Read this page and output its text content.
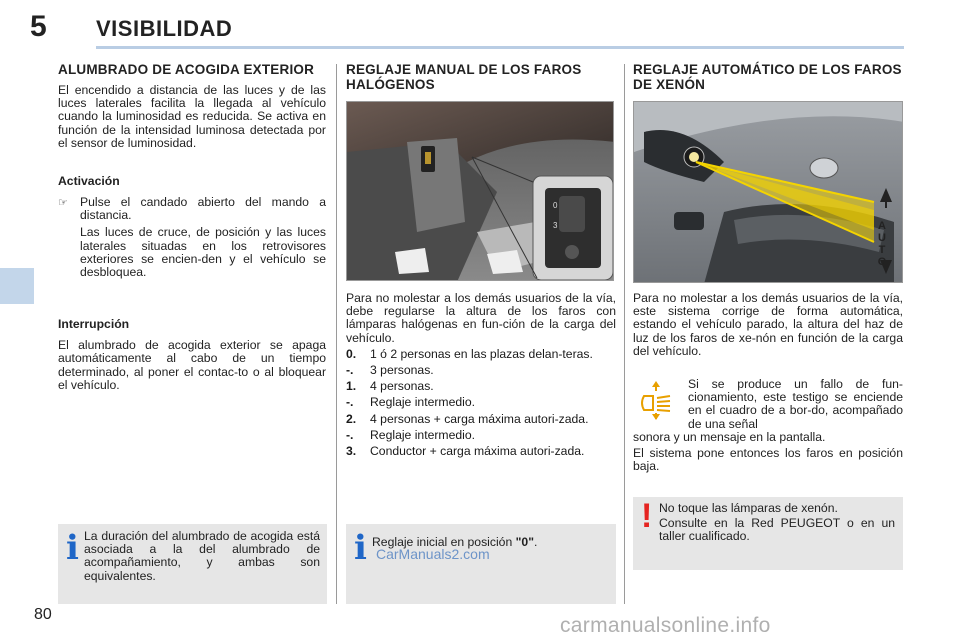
5 VISIBILIDAD
ALUMBRADO DE ACOGIDA EXTERIOR

El encendido a distancia de las luces y de las luces laterales facilita la llegada al vehículo cuando la luminosidad es reducida. Se activa en función de la intensidad luminosa detectada por el sensor de luminosidad.

Activación
☞ Pulse el candado abierto del mando a distancia.

Las luces de cruce, de posición y las luces laterales situadas en los retrovisores exteriores se encien-den y el vehículo se desbloquea.

Interrupción

El alumbrado de acogida exterior se apaga automáticamente al cabo de un tiempo determinado, al poner el contac-to o al bloquear el vehículo.

i La duración del alumbrado de acogida está asociada a la del alumbrado de acompañamiento, y ambas son equivalentes.

REGLAJE MANUAL DE LOS FAROS HALÓGENOS
0
3

Para no molestar a los demás usuarios de la vía, debe regularse la altura de los faros con lámparas halógenas en fun-ción de la carga del vehículo.

0.	1 ó 2 personas en las plazas delan-teras.
-.	3 personas.
1.	4 personas.
-.	Reglaje intermedio.
2.	4 personas + carga máxima autori-zada.
-.	Reglaje intermedio.
3.	Conductor + carga máxima autori-zada.
i Reglaje inicial en posición "0".

CarManuals2.com
REGLAJE AUTOMÁTICO DE LOS FAROS DE XENÓN
AUTO

Para no molestar a los demás usuarios de la vía, este sistema corrige de forma automática, estando el vehículo parado, la altura del haz de luz de los faros de xe-nón en función de la carga del vehículo.

Si se produce un fallo de fun-cionamiento, este testigo se enciende en el cuadro de a bor-do, acompañado de una señal

sonora y un mensaje en la pantalla.

El sistema pone entonces los faros en posición baja.

! No toque las lámparas de xenón.

Consulte en la Red PEUGEOT o en un taller cualificado.

80	carmanualsonline.info
